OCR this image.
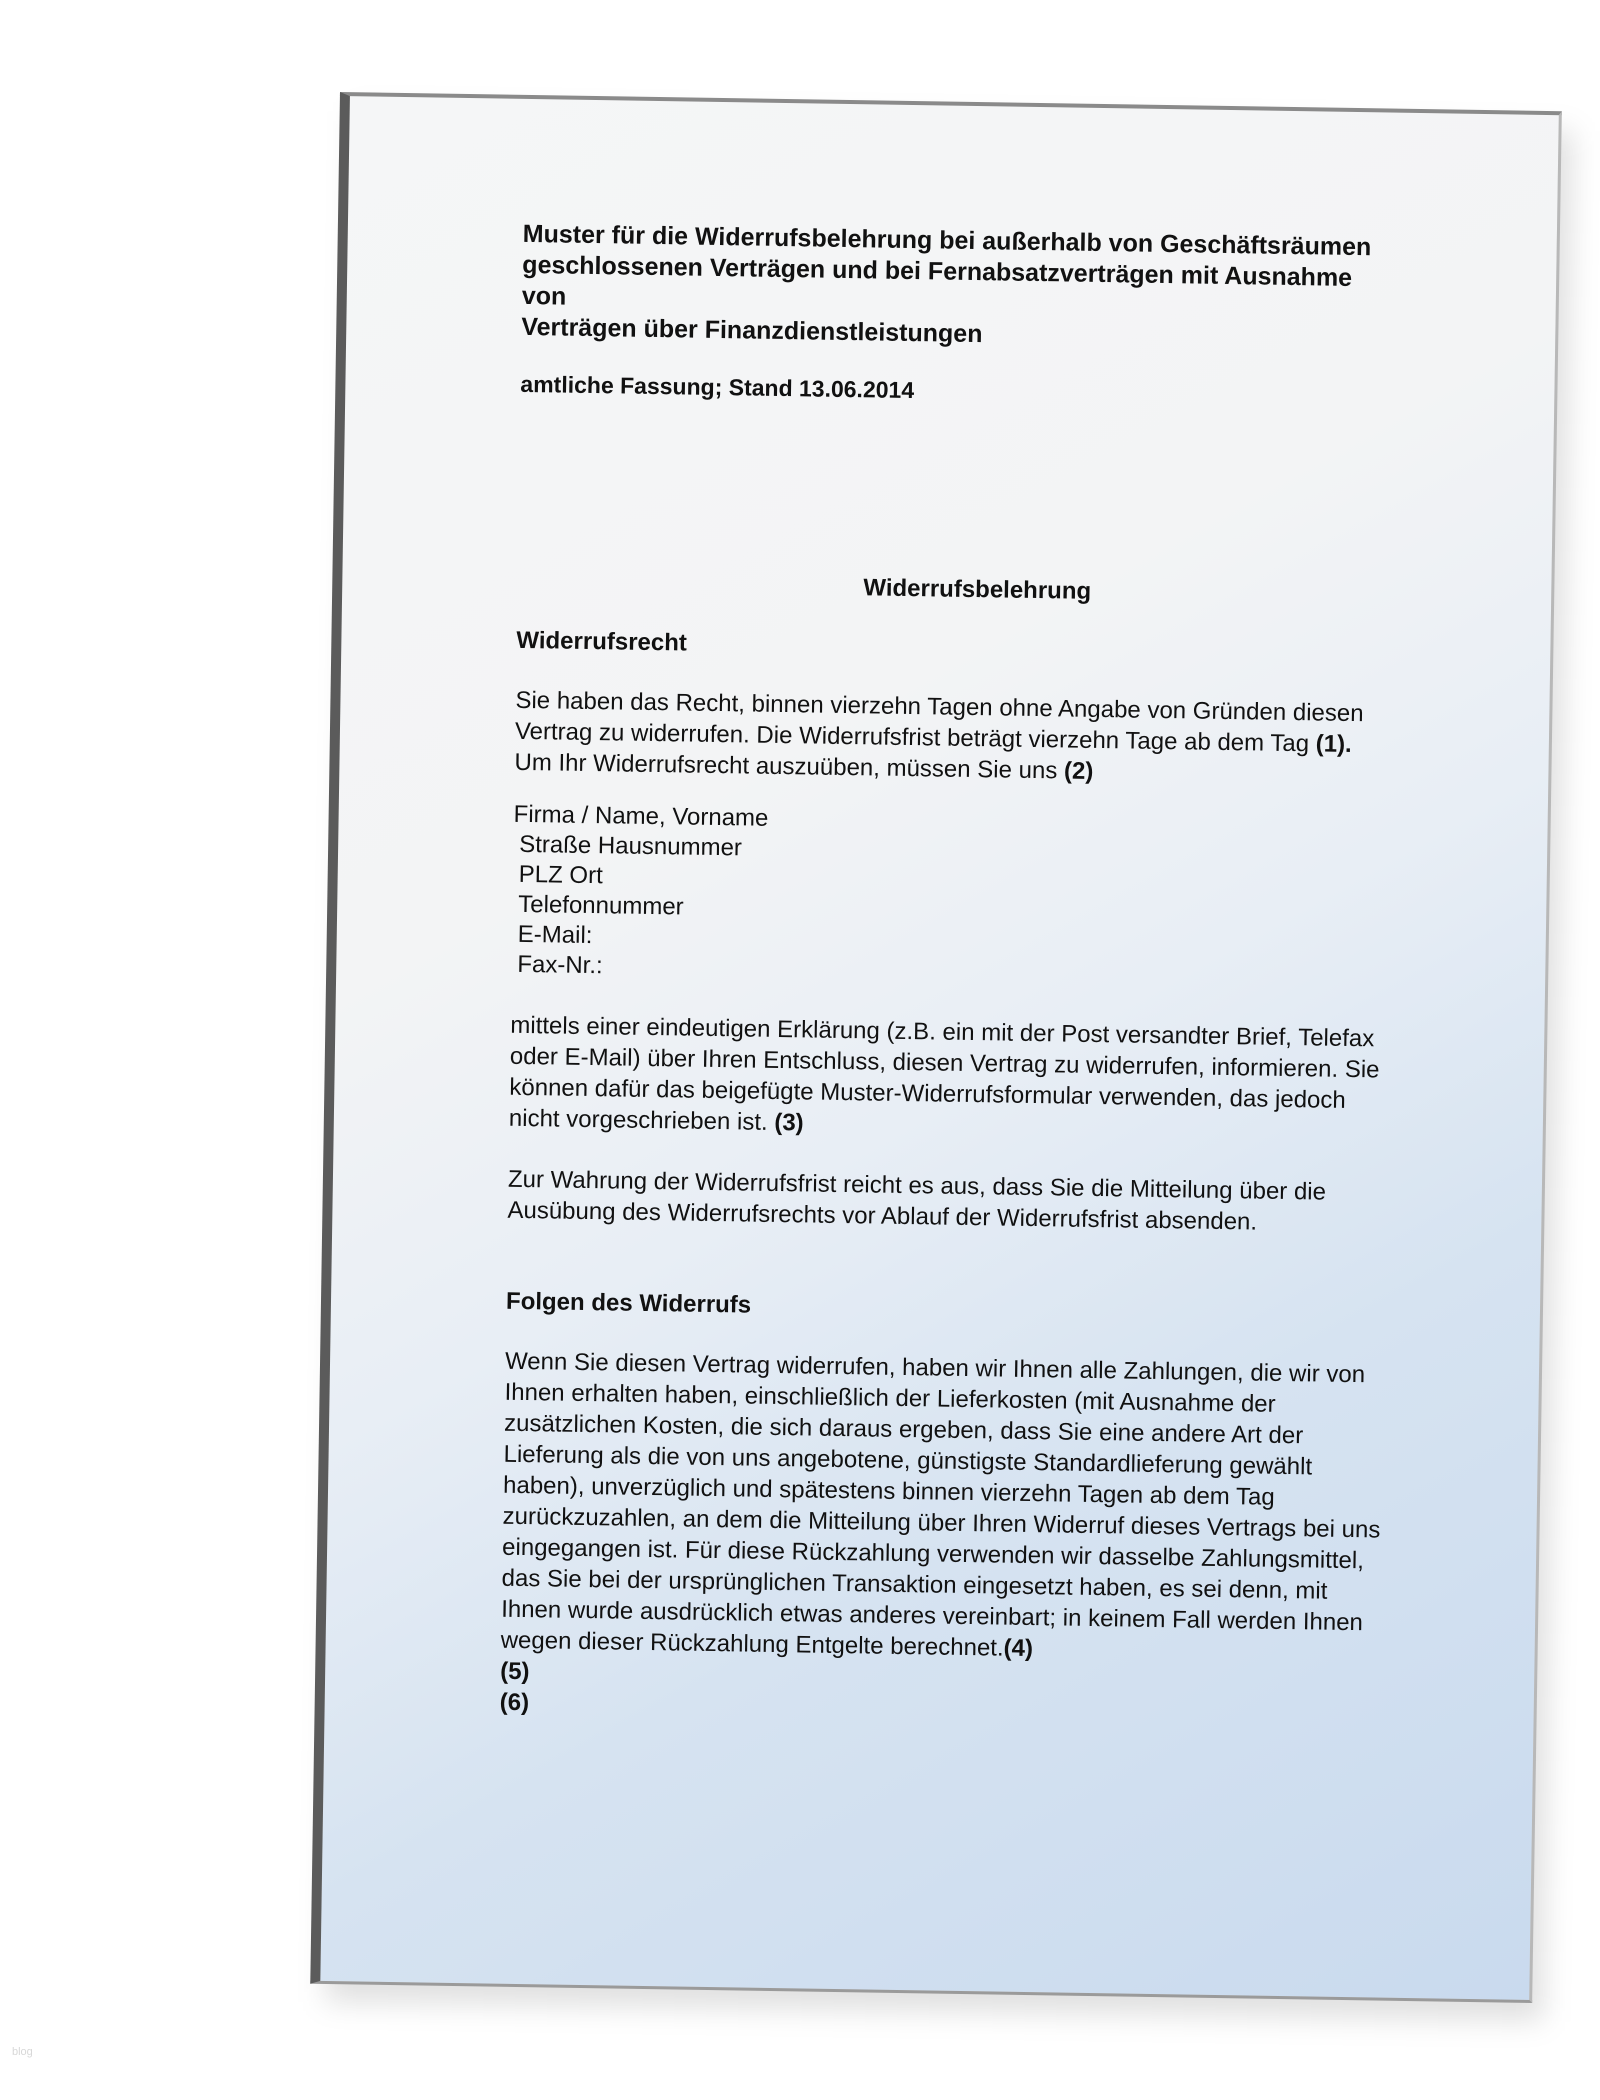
Muster für die Widerrufsbelehrung bei außerhalb von Geschäftsräumen
geschlossenen Verträgen und bei Fernabsatzverträgen mit Ausnahme von
Verträgen über Finanzdienstleistungen
amtliche Fassung; Stand 13.06.2014
Widerrufsbelehrung
Widerrufsrecht

Sie haben das Recht, binnen vierzehn Tagen ohne Angabe von Gründen diesen Vertrag zu widerrufen. Die Widerrufsfrist beträgt vierzehn Tage ab dem Tag (1). Um Ihr Widerrufsrecht auszuüben, müssen Sie uns (2)

Firma / Name, Vorname
Straße Hausnummer
PLZ Ort
Telefonnummer
E-Mail:
Fax-Nr.:

mittels einer eindeutigen Erklärung (z.B. ein mit der Post versandter Brief, Telefax oder E-Mail) über Ihren Entschluss, diesen Vertrag zu widerrufen, informieren. Sie können dafür das beigefügte Muster-Widerrufsformular verwenden, das jedoch nicht vorgeschrieben ist. (3)

Zur Wahrung der Widerrufsfrist reicht es aus, dass Sie die Mitteilung über die Ausübung des Widerrufsrechts vor Ablauf der Widerrufsfrist absenden.

Folgen des Widerrufs

Wenn Sie diesen Vertrag widerrufen, haben wir Ihnen alle Zahlungen, die wir von Ihnen erhalten haben, einschließlich der Lieferkosten (mit Ausnahme der zusätzlichen Kosten, die sich daraus ergeben, dass Sie eine andere Art der Lieferung als die von uns angebotene, günstigste Standardlieferung gewählt haben), unverzüglich und spätestens binnen vierzehn Tagen ab dem Tag zurückzuzahlen, an dem die Mitteilung über Ihren Widerruf dieses Vertrags bei uns eingegangen ist. Für diese Rückzahlung verwenden wir dasselbe Zahlungsmittel, das Sie bei der ursprünglichen Transaktion eingesetzt haben, es sei denn, mit Ihnen wurde ausdrücklich etwas anderes vereinbart; in keinem Fall werden Ihnen wegen dieser Rückzahlung Entgelte berechnet.(4)

(5)
(6)
blog
